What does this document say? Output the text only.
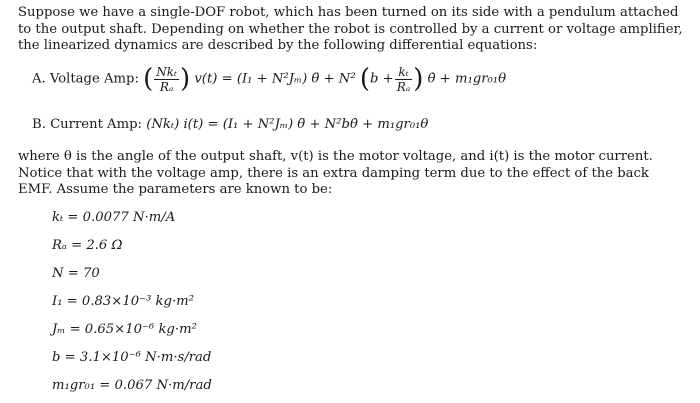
Suppose we have a single-DOF robot, which has been turned on its side with a pendulum attached to the output shaft. Depending on whether the robot is controlled by a current or voltage amplifier, the linearized dynamics are described by the following differential equations:
A. Voltage Amp: ( $\frac{\text{Nkₜ}}{\text{Rₐ}}$ ) v(t) = (I₁ + N²Jₘ) θ̈ + N² ($b + \frac{\text{kₜ}}{\text{Rₐ}}$ ) θ̇ + m₁gr₀₁θ
B. Current Amp: (Nkₜ) i(t) = (I₁ + N²Jₘ) θ̈ + N²bθ̇ + m₁gr₀₁θ
where θ is the angle of the output shaft, v(t) is the motor voltage, and i(t) is the motor current. Notice that with the voltage amp, there is an extra damping term due to the effect of the back EMF. Assume the parameters are known to be:
kₜ = 0.0077 N·m/A
Rₐ = 2.6 Ω
N = 70
I₁ = 0.83×10⁻³ kg·m²
Jₘ = 0.65×10⁻⁶ kg·m²
b = 3.1×10⁻⁶ N·m·s/rad
m₁gr₀₁ = 0.067 N·m/rad
